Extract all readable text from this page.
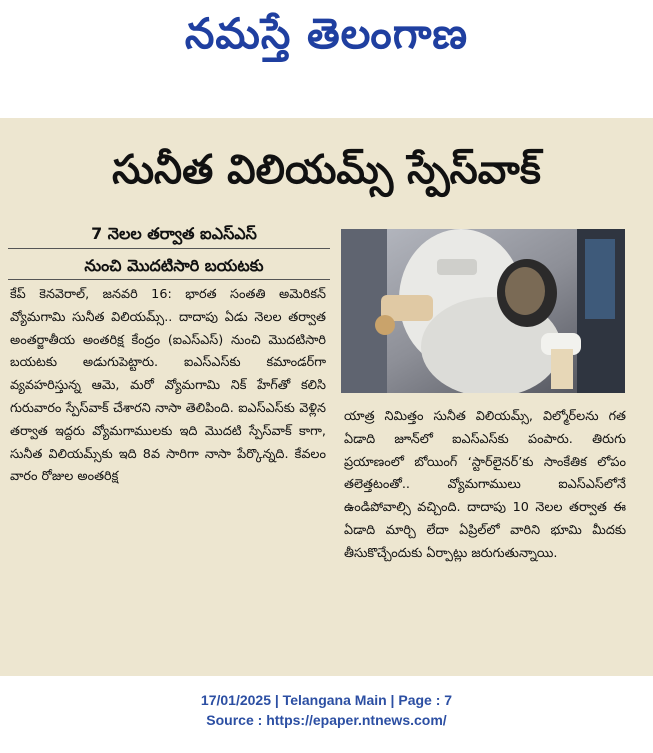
నమస్తే తెలంగాణ
సునీత విలియమ్స్ స్పేస్‌వాక్
7 నెలల తర్వాత ఐఎస్ఎస్
నుంచి మొదటిసారి బయటకు

కేప్ కెనవెరాల్, జనవరి 16: భారత సంతతి అమెరికన్ వ్యోమగామి సునీత విలియమ్స్.. దాదాపు ఏడు నెలల తర్వాత అంతర్జాతీయ అంతరిక్ష కేంద్రం (ఐఎస్ఎస్) నుంచి మొదటిసారి బయటకు అడుగుపెట్టారు. ఐఎస్ఎస్‌కు కమాండర్‌గా వ్యవహరిస్తున్న ఆమె, మరో వ్యోమగామి నిక్ హేగ్‌తో కలిసి గురువారం స్పేస్‌వాక్ చేశారని నాసా తెలిపింది. ఐఎస్ఎస్‌కు వెళ్లిన తర్వాత ఇద్దరు వ్యోమగాములకు ఇది మొదటి స్పేస్‌వాక్ కాగా, సునీత విలియమ్స్‌కు ఇది 8వ సారిగా నాసా పేర్కొన్నది. కేవలం వారం రోజుల అంతరిక్ష

యాత్ర నిమిత్తం సునీత విలియమ్స్, విల్మోర్‌లను గత ఏడాది జూన్‌లో ఐఎస్ఎస్‌కు పంపారు. తిరుగు ప్రయాణంలో బోయింగ్ ‘స్టార్‌లైనర్’కు సాంకేతిక లోపం తలెత్తటంతో.. వ్యోమగాములు ఐఎస్ఎస్‌లోనే ఉండిపోవాల్సి వచ్చింది. దాదాపు 10 నెలల తర్వాత ఈ ఏడాది మార్చి లేదా ఏప్రిల్‌లో వారిని భూమి మీదకు తీసుకొచ్చేందుకు ఏర్పాట్లు జరుగుతున్నాయి.

17/01/2025 | Telangana Main | Page : 7
Source : https://epaper.ntnews.com/
